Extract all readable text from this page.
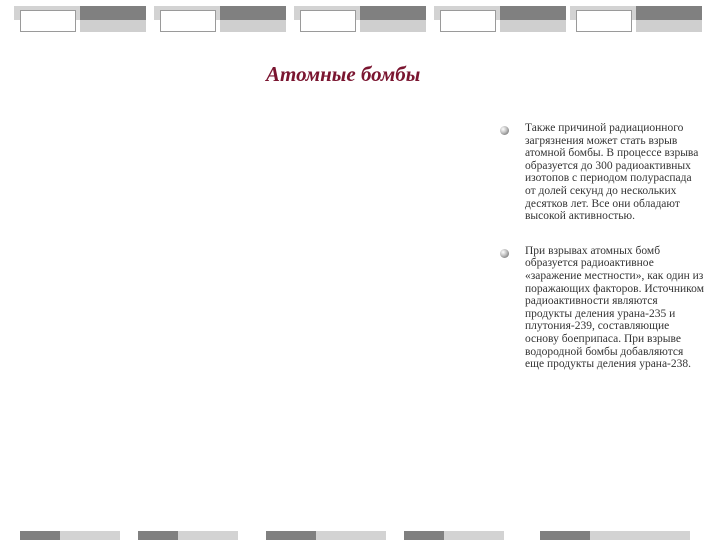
Атомные бомбы
Также причиной радиационного загрязнения может стать взрыв атомной бомбы. В процессе взрыва образуется до 300 радиоактивных изотопов с периодом полураспада от долей секунд до нескольких десятков лет. Все они обладают высокой активностью.
При взрывах атомных бомб образуется радиоактивное «заражение местности», как один из поражающих факторов. Источником радиоактивности являются продукты деления урана-235 и плутония-239, составляющие основу боеприпаса. При взрыве водородной бомбы добавляются еще продукты деления урана-238.
